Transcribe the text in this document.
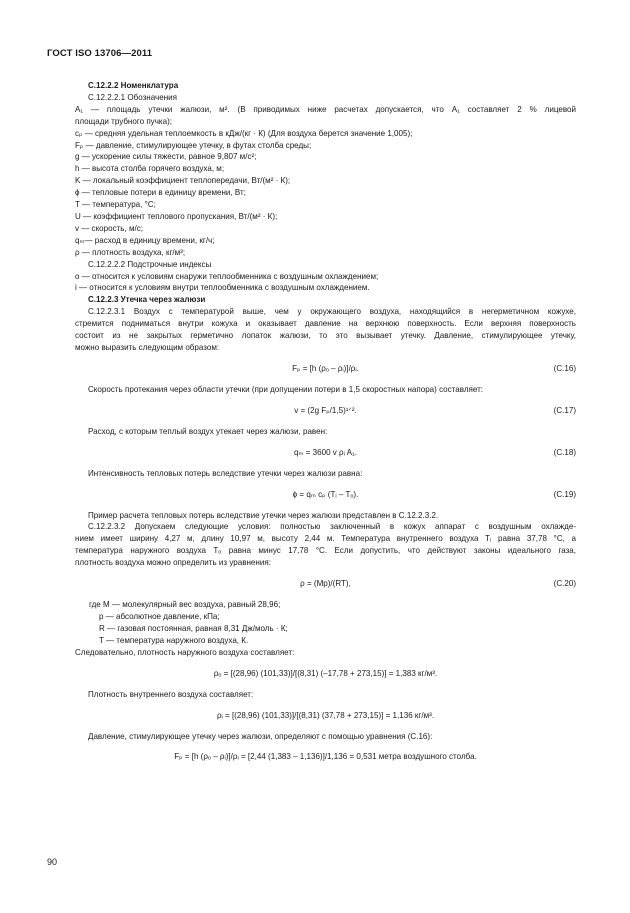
ГОСТ ISO 13706—2011
С.12.2.2 Номенклатура
С.12.2.2.1 Обозначения
A₁ — площадь утечки жалюзи, м². (В приводимых ниже расчетах допускается, что A₁ составляет 2 % лицевой
площади трубного пучка);
cₚ — средняя удельная теплоемкость в кДж/(кг · К) (Для воздуха берется значение 1,005);
Fₚ — давление, стимулирующее утечку, в футах столба среды;
g — ускорение силы тяжести, равное 9,807 м/с²;
h — высота столба горячего воздуха, м;
K — локальный коэффициент теплопередачи, Вт/(м² · К);
ϕ — тепловые потери в единицу времени, Вт;
T — температура, °С;
U — коэффициент теплового пропускания, Вт/(м² · К);
v — скорость, м/с;
qₘ— расход в единицу времени, кг/ч;
ρ — плотность воздуха, кг/м³;
С.12.2.2.2 Подстрочные индексы
о — относится к условиям снаружи теплообменника с воздушным охлаждением;
i — относится к условиям внутри теплообменника с воздушным охлаждением.
С.12.2.3 Утечка через жалюзи
С.12.2.3.1 Воздух с температурой выше, чем у окружающего воздуха, находящийся в негерметичном кожухе,
стремится подниматься внутри кожуха и оказывает давление на верхнюю поверхность. Если верхняя поверхность
состоит из не закрытых герметично лопаток жалюзи, то это вызывает утечку. Давление, стимулирующее утечку,
можно выразить следующим образом:
Fₚ = [h (ρₒ – ρᵢ)]/ρᵢ.	(С.16)
Скорость протекания через области утечки (при допущении потери в 1,5 скоростных напора) составляет:
v = (2g Fₚ/1,5)¹ᐟ².	(С.17)
Расход, с которым теплый воздух утекает через жалюзи, равен:
qₘ = 3600 v ρᵢ A₁.	(С.18)
Интенсивность тепловых потерь вследствие утечки через жалюзи равна:
ϕ = qₘ cₚ (Tᵢ – Tₒ).	(С.19)
Пример расчета тепловых потерь вследствие утечки через жалюзи представлен в С.12.2.3.2.
С.12.2.3.2 Допускаем следующие условия: полностью заключенный в кожух аппарат с воздушным охлажде-
нием имеет ширину 4,27 м, длину 10,97 м, высоту 2,44 м. Температура внутреннего воздуха Tᵢ равна 37,78 °С, а
температура наружного воздуха Tₒ равна минус 17,78 °С. Если допустить, что действуют законы идеального газа,
плотность воздуха можно определить из уравнения:
ρ = (Mp)/(RT),	(С.20)
где M — молекулярный вес воздуха, равный 28,96;
p — абсолютное давление, кПа;
R — газовая постоянная, равная 8,31 Дж/моль · К;
T — температура наружного воздуха, К.
Следовательно, плотность наружного воздуха составляет:
ρₒ = [(28,96) (101,33)]/[(8,31) (–17,78 + 273,15)] = 1,383 кг/м³.
Плотность внутреннего воздуха составляет:
ρᵢ = [(28,96) (101,33)]/[(8,31) (37,78 + 273,15)] = 1,136 кг/м³.
Давление, стимулирующее утечку через жалюзи, определяют с помощью уравнения (С.16):
Fₚ = [h (ρₒ – ρᵢ)]/ρᵢ = [2,44 (1,383 – 1,136)]/1,136 = 0,531 метра воздушного столба.
90
